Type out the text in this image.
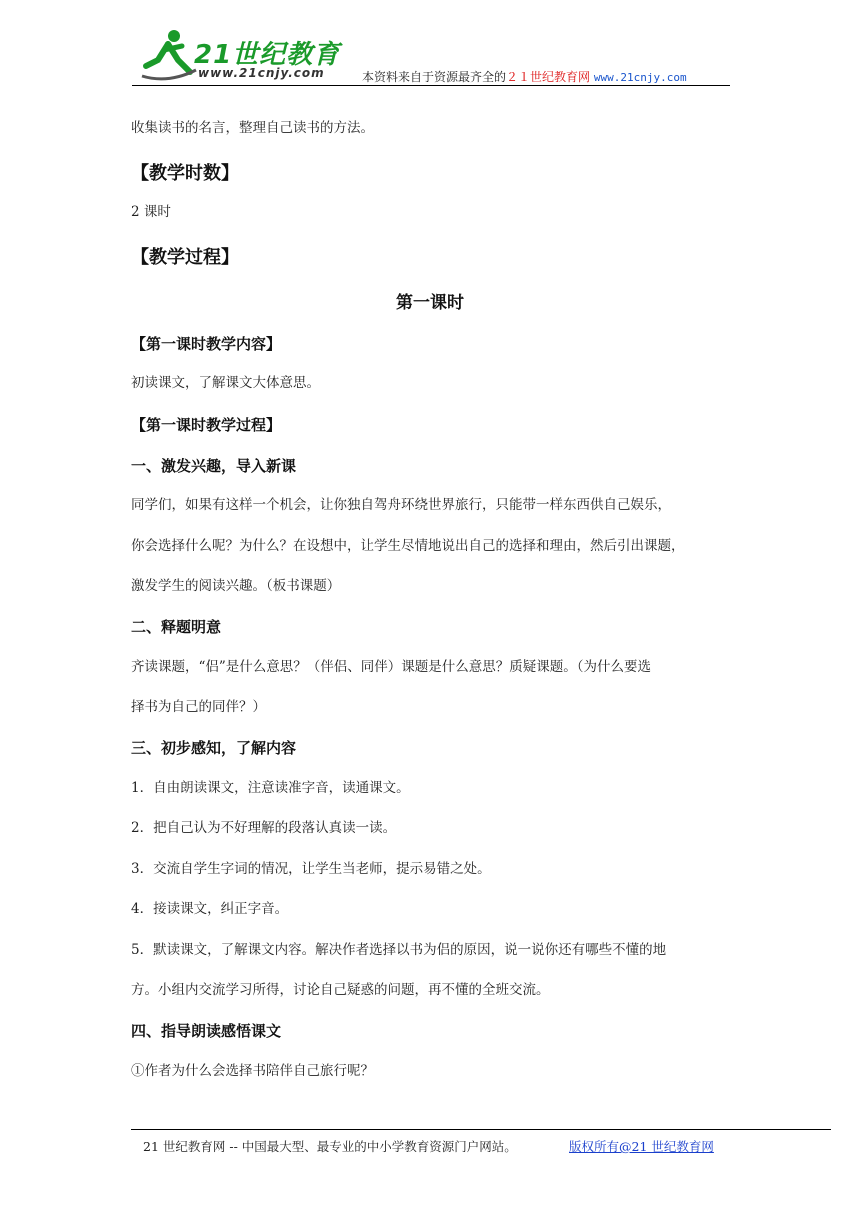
21世纪教育
www.21cnjy.com	本资料来自于资源最齐全的２１世纪教育网 www.21cnjy.com
收集读书的名言，整理自己读书的方法。
【教学时数】
2 课时
【教学过程】
第一课时
【第一课时教学内容】
初读课文，了解课文大体意思。
【第一课时教学过程】
一、激发兴趣，导入新课
同学们，如果有这样一个机会，让你独自驾舟环绕世界旅行，只能带一样东西供自己娱乐，
你会选择什么呢？为什么？在设想中，让学生尽情地说出自己的选择和理由，然后引出课题，
激发学生的阅读兴趣。（板书课题）
二、释题明意
齐读课题，“侣”是什么意思？（伴侣、同伴）课题是什么意思？质疑课题。（为什么要选
择书为自己的同伴？）
三、初步感知，了解内容
1．自由朗读课文，注意读准字音，读通课文。
2．把自己认为不好理解的段落认真读一读。
3．交流自学生字词的情况，让学生当老师，提示易错之处。
4．接读课文，纠正字音。
5．默读课文，了解课文内容。解决作者选择以书为侣的原因，说一说你还有哪些不懂的地
方。小组内交流学习所得，讨论自己疑惑的问题，再不懂的全班交流。
四、指导朗读感悟课文
①作者为什么会选择书陪伴自己旅行呢？
21 世纪教育网 -- 中国最大型、最专业的中小学教育资源门户网站。	版权所有@21 世纪教育网
